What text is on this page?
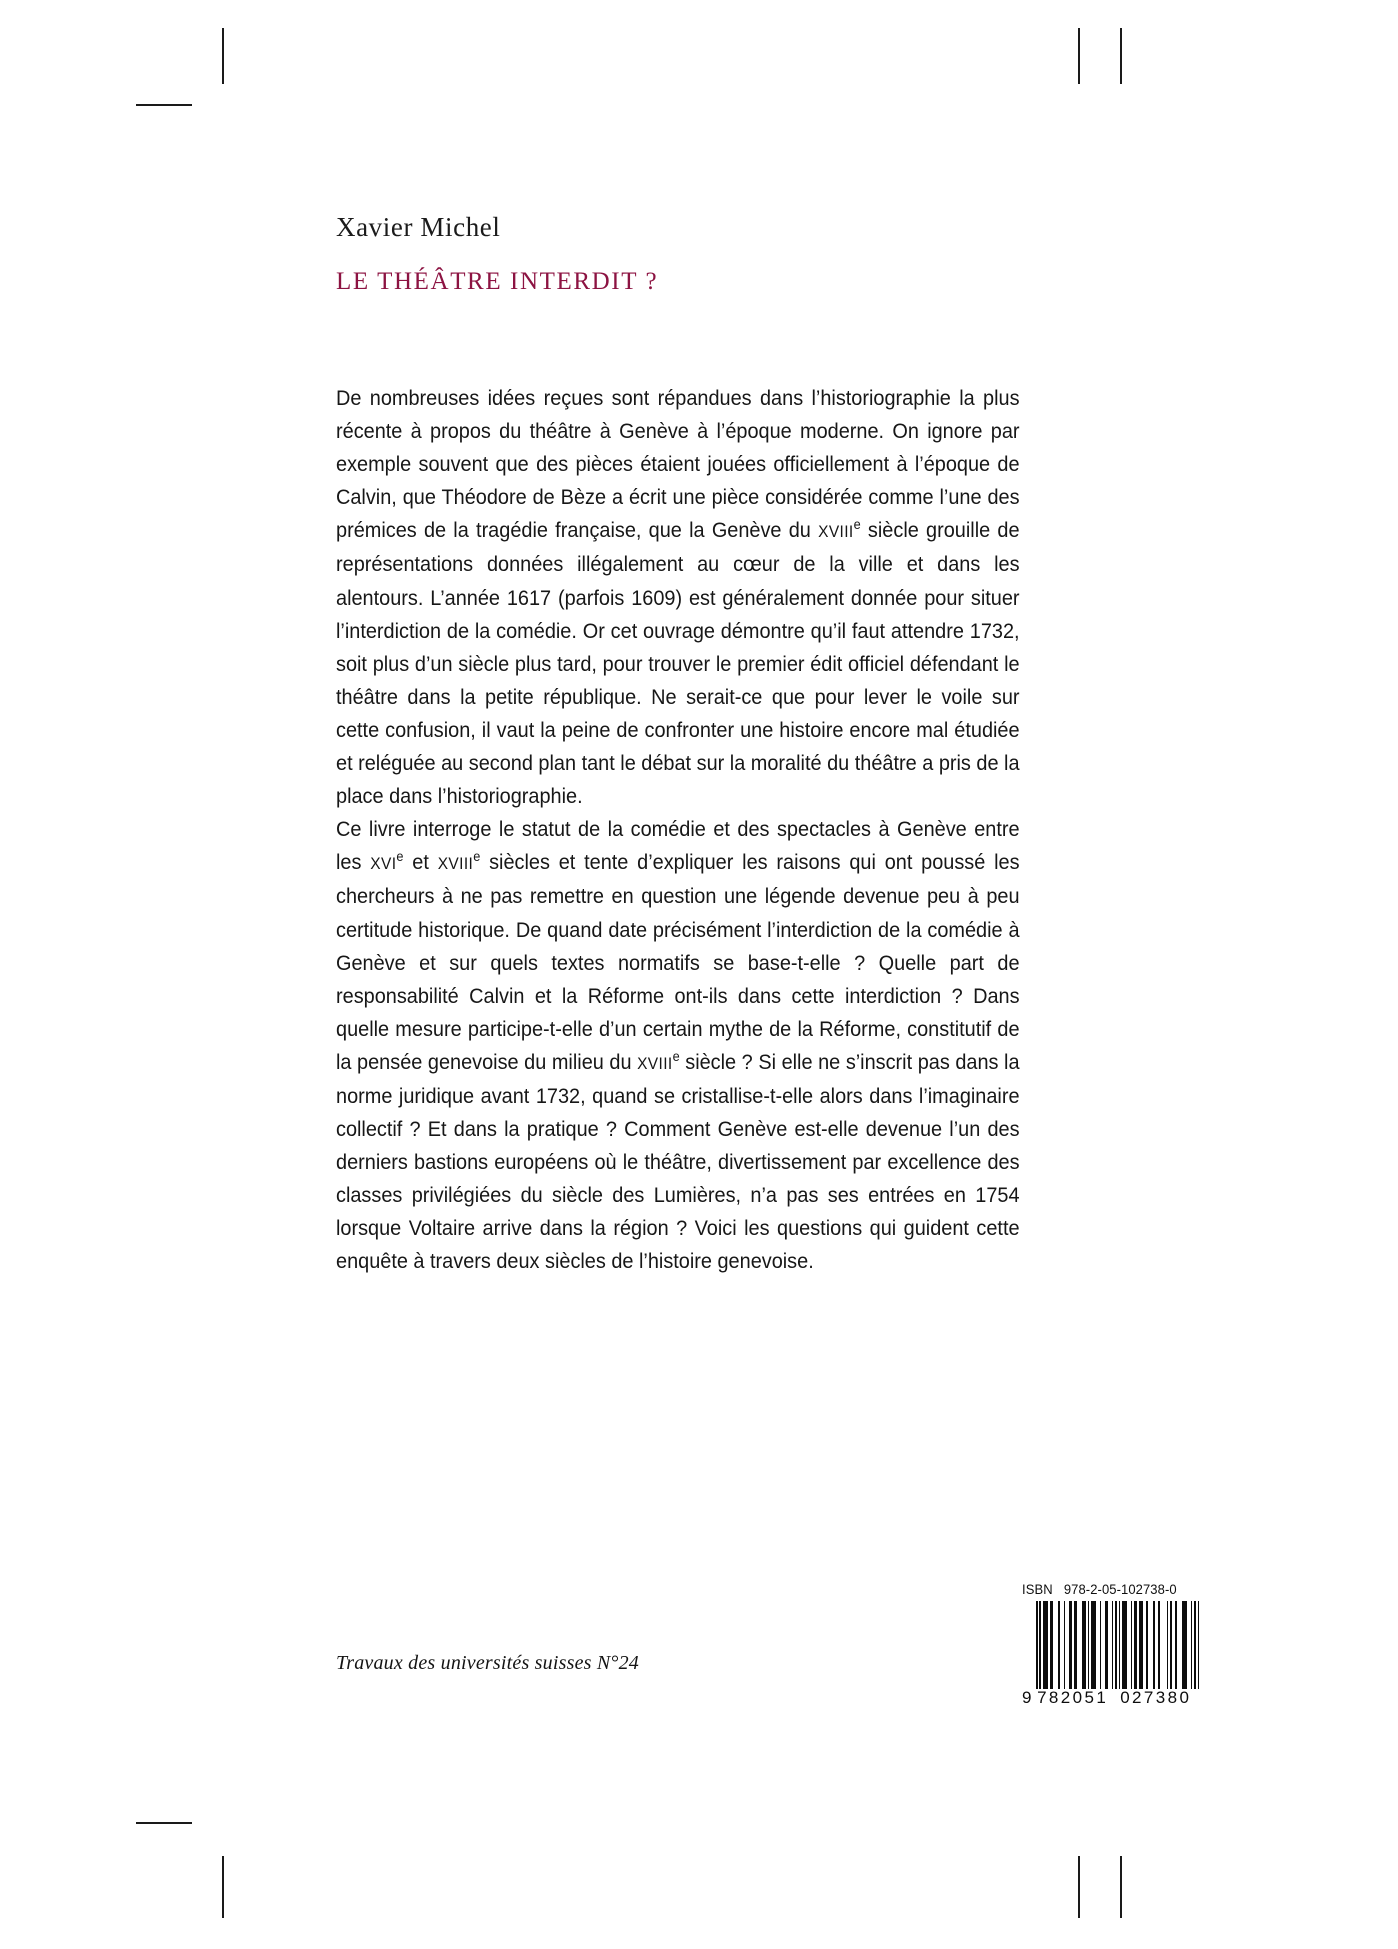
Xavier Michel
LE THÉÂTRE INTERDIT ?

De nombreuses idées reçues sont répandues dans l’historiographie la plus récente à propos du théâtre à Genève à l’époque moderne. On ignore par exemple souvent que des pièces étaient jouées officiellement à l’époque de Calvin, que Théodore de Bèze a écrit une pièce considérée comme l’une des prémices de la tragédie française, que la Genève du XVIIIe siècle grouille de représentations données illégalement au cœur de la ville et dans les alentours. L’année 1617 (parfois 1609) est généralement donnée pour situer l’interdiction de la comédie. Or cet ouvrage démontre qu’il faut attendre 1732, soit plus d’un siècle plus tard, pour trouver le premier édit officiel défendant le théâtre dans la petite république. Ne serait-ce que pour lever le voile sur cette confusion, il vaut la peine de confronter une histoire encore mal étudiée et reléguée au second plan tant le débat sur la moralité du théâtre a pris de la place dans l’historiographie.

Ce livre interroge le statut de la comédie et des spectacles à Genève entre les XVIe et XVIIIe siècles et tente d’expliquer les raisons qui ont poussé les chercheurs à ne pas remettre en question une légende devenue peu à peu certitude historique. De quand date précisément l’interdiction de la comédie à Genève et sur quels textes normatifs se base-t-elle ? Quelle part de responsabilité Calvin et la Réforme ont-ils dans cette interdiction ? Dans quelle mesure participe-t-elle d’un certain mythe de la Réforme, constitutif de la pensée genevoise du milieu du XVIIIe siècle ? Si elle ne s’inscrit pas dans la norme juridique avant 1732, quand se cristallise-t-elle alors dans l’imaginaire collectif ? Et dans la pratique ? Comment Genève est-elle devenue l’un des derniers bastions européens où le théâtre, divertissement par excellence des classes privilégiées du siècle des Lumières, n’a pas ses entrées en 1754 lorsque Voltaire arrive dans la région ? Voici les questions qui guident cette enquête à travers deux siècles de l’histoire genevoise.

Travaux des universités suisses N°24
ISBN 978-2-05-102738-0
9 782051 027380
